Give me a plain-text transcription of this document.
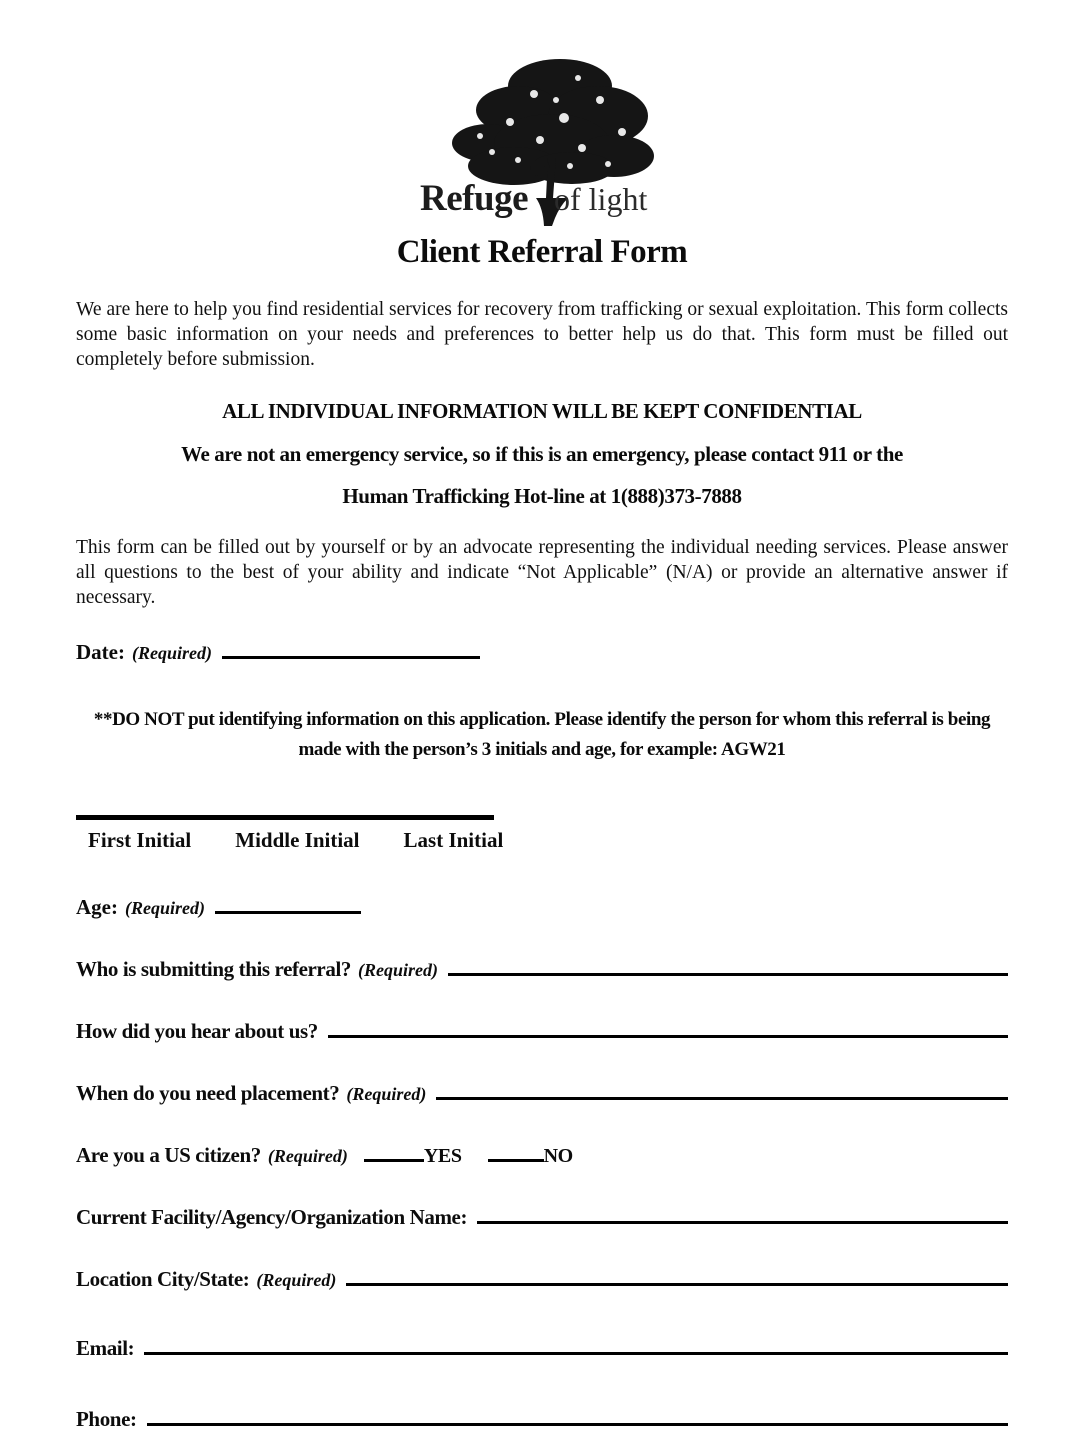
Refuge of light
Client Referral Form

We are here to help you find residential services for recovery from trafficking or sexual exploitation. This form collects some basic information on your needs and preferences to better help us do that. This form must be filled out completely before submission.

ALL INDIVIDUAL INFORMATION WILL BE KEPT CONFIDENTIAL
We are not an emergency service, so if this is an emergency, please contact 911 or the
Human Trafficking Hot-line at 1(888)373-7888

This form can be filled out by yourself or by an advocate representing the individual needing services. Please answer all questions to the best of your ability and indicate “Not Applicable” (N/A) or provide an alternative answer if necessary.

Date: (Required)
**DO NOT put identifying information on this application. Please identify the person for whom this referral is being
made with the person’s 3 initials and age, for example: AGW21
First Initial Middle Initial Last Initial
Age: (Required)
Who is submitting this referral? (Required)
How did you hear about us?
When do you need placement? (Required)
Are you a US citizen? (Required)	YES	NO
Current Facility/Agency/Organization Name:
Location City/State: (Required)
Email:
Phone:
